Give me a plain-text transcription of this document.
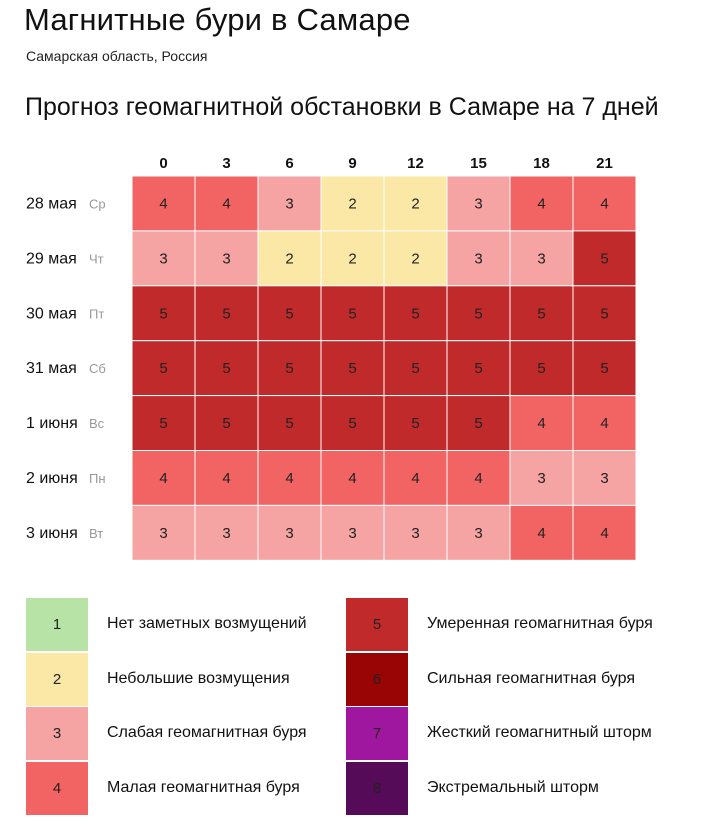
Магнитные бури в Самаре
Самарская область, Россия
Прогноз геомагнитной обстановки в Самаре на 7 дней
0	3	6	9	12	15	18	21
28 мая Ср	4	4	3	2	2	3	4	4
29 мая Чт	3	3	2	2	2	3	3	5
30 мая Пт	5	5	5	5	5	5	5	5
31 мая Сб	5	5	5	5	5	5	5	5
1 июня Вс	5	5	5	5	5	5	4	4
2 июня Пн	4	4	4	4	4	4	3	3
3 июня Вт	3	3	3	3	3	3	4	4
1	Нет заметных возмущений
2	Небольшие возмущения
3	Слабая геомагнитная буря
4	Малая геомагнитная буря
5	Умеренная геомагнитная буря
6	Сильная геомагнитная буря
7	Жесткий геомагнитный шторм
8	Экстремальный шторм
